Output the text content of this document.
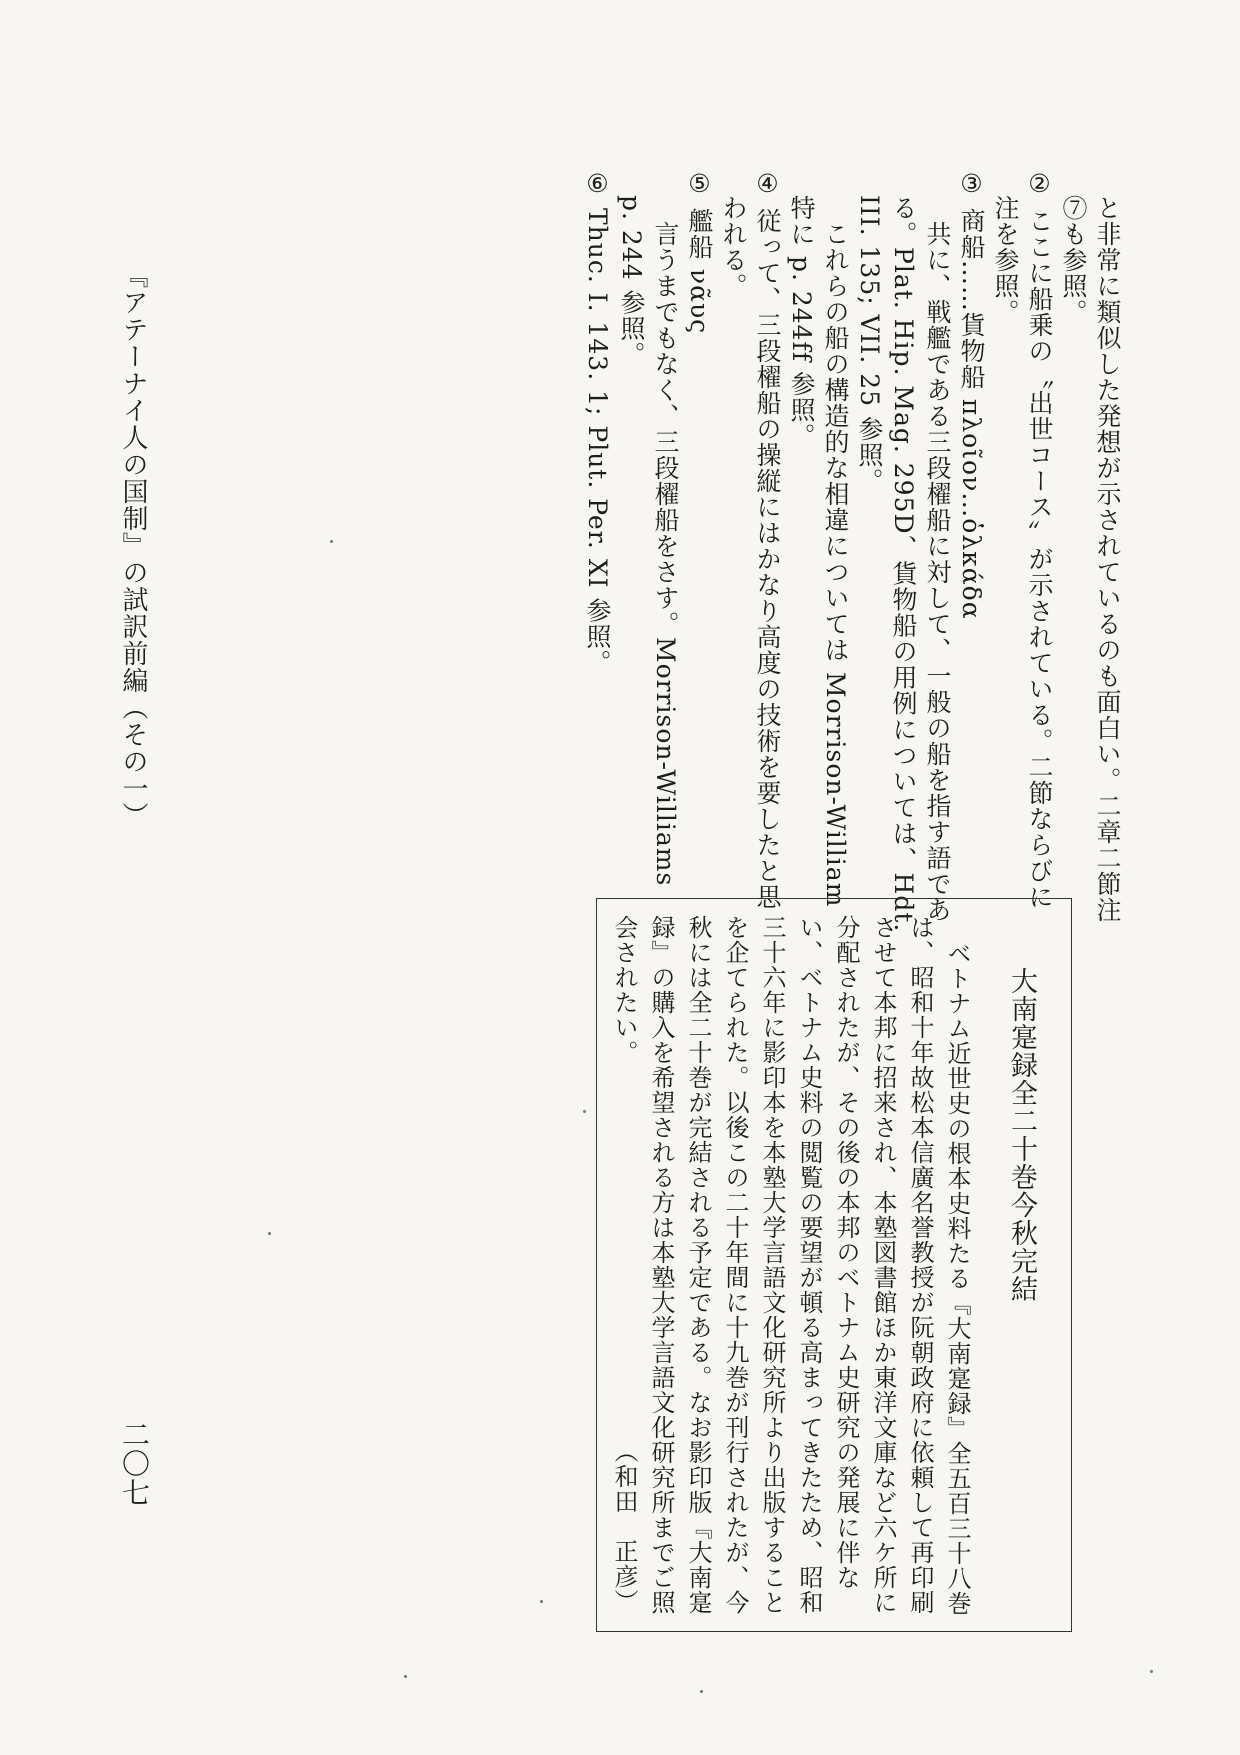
と非常に類似した発想が示されているのも面白い。二章二節注
⑦も参照。
② ここに船乗の〝出世コース〟が示されている。二節ならびに
注を参照。
③ 商船……貨物船 πλοῖον…ὁλκάδα
共に、戦艦である三段櫂船に対して、一般の船を指す語であ
る。Plat. Hip. Mag. 295D、貨物船の用例については、Hdt.
III. 135; VII. 25 参照。
これらの船の構造的な相違については Morrison-William
特に p. 244ff 参照。
④ 従って、三段櫂船の操縦にはかなり高度の技術を要したと思
われる。
⑤ 艦船 νᾶυς
言うまでもなく、三段櫂船をさす。Morrison-Williams
p. 244 参照。
⑥ Thuc. I. 143. 1; Plut. Per. XI 参照。
大南寔録全二十巻今秋完結
ベトナム近世史の根本史料たる『大南寔録』全五百三十八巻
は、昭和十年故松本信廣名誉教授が阮朝政府に依頼して再印刷
させて本邦に招来され、本塾図書館ほか東洋文庫など六ケ所に
分配されたが、その後の本邦のベトナム史研究の発展に伴な
い、ベトナム史料の閲覧の要望が頓る高まってきたため、昭和
三十六年に影印本を本塾大学言語文化研究所より出版すること
を企てられた。以後この二十年間に十九巻が刊行されたが、今
秋には全二十巻が完結される予定である。なお影印版『大南寔
録』の購入を希望される方は本塾大学言語文化研究所までご照
会されたい。
（和田　正彦）
『アテーナイ人の国制』の試訳前編（その一）
二〇七
